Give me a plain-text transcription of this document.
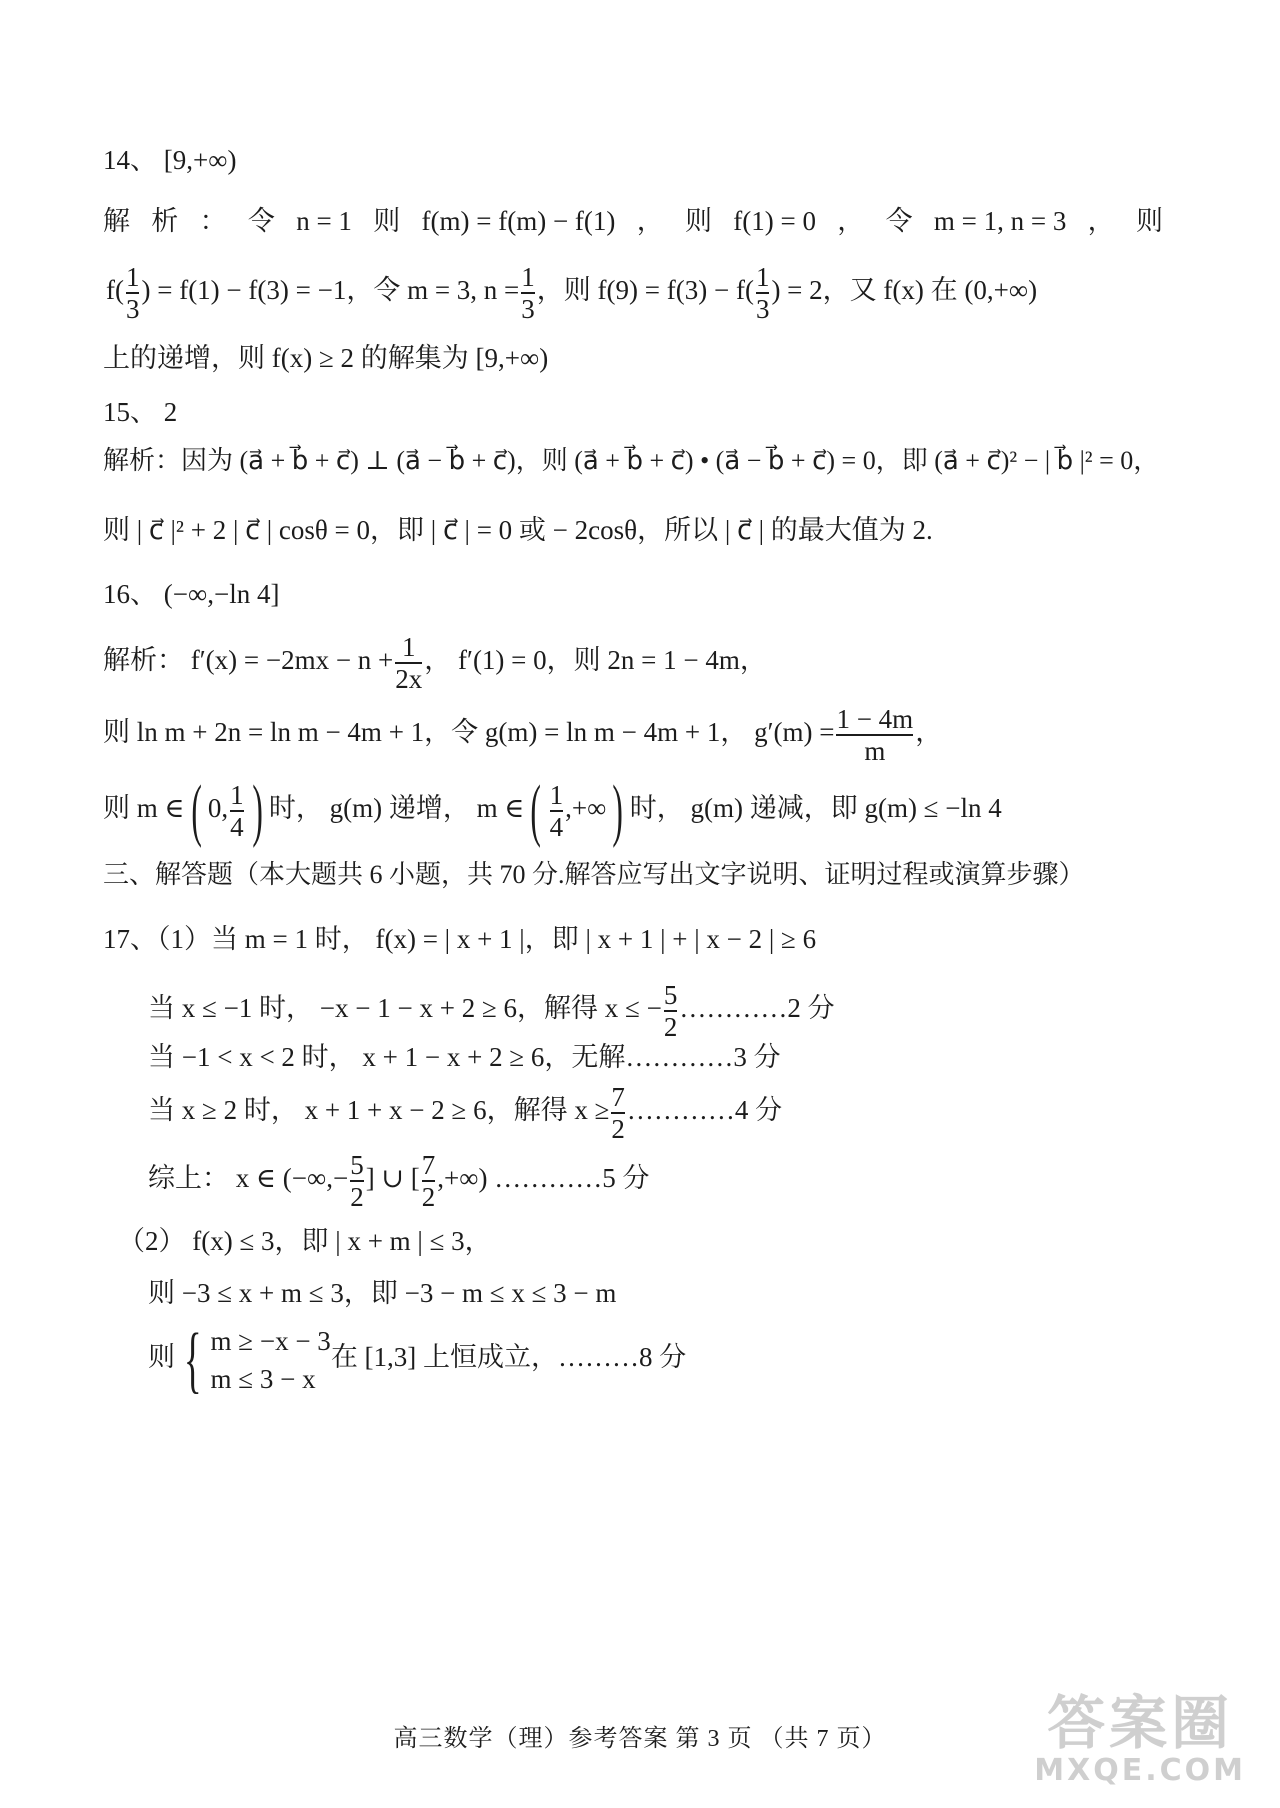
14、 [9,+∞)
解 析 ： 令 n = 1 则 f(m) = f(m) − f(1) ， 则 f(1) = 0 ， 令 m = 1, n = 3 ， 则
$f( \frac{1}{3}$ ) = f(1) − f(3) = −1，令 m = 3, $n = \frac{1}{3}$ ，则 $f(9) = f(3) - f( \frac{1}{3}$ ) = 2，又 f(x) 在 (0,+∞)
上的递增，则 f(x) ≥ 2 的解集为 [9,+∞)
15、 2
解析：因为 (a⃗ + b⃗ + c⃗) ⊥ (a⃗ − b⃗ + c⃗)，则 (a⃗ + b⃗ + c⃗) • (a⃗ − b⃗ + c⃗) = 0，即 (a⃗ + c⃗)² − | b⃗ |² = 0，
则 | c⃗ |² + 2 | c⃗ | cosθ = 0，即 | c⃗ | = 0 或 − 2cosθ，所以 | c⃗ | 的最大值为 2.
16、 (−∞,−ln 4]
解析： $f'(x) = -2mx - n + \frac{1}{2x}$ ， f′(1) = 0，则 2n = 1 − 4m，
则 ln m + 2n = ln m − 4m + 1，令 g(m) = ln m − 4m + 1， $g'(m) = \frac{1 - 4m}{m}$ ，
则 m ∈( 0, $\frac{1}{4}$ ) 时， g(m) 递增， m ∈( $\frac{1}{4}$ ,+∞) 时， g(m) 递减，即 g(m) ≤ −ln 4
三、解答题（本大题共 6 小题，共 70 分.解答应写出文字说明、证明过程或演算步骤）
17、（1）当 m = 1 时， f(x) = | x + 1 |，即 | x + 1 | + | x − 2 | ≥ 6
当 x ≤ −1 时， −x − 1 − x + 2 ≥ 6，解得 x ≤ − $\frac{5}{2}$ …………2 分
当 −1 < x < 2 时， x + 1 − x + 2 ≥ 6，无解…………3 分
当 x ≥ 2 时， x + 1 + x − 2 ≥ 6，解得 $x \ge \frac{7}{2}$ …………4 分
综上： x ∈ (−∞,− $\frac{5}{2}$ ] ∪ [ $\frac{7}{2}$ ,+∞) …………5 分
（2） f(x) ≤ 3，即 | x + m | ≤ 3，
则 −3 ≤ x + m ≤ 3，即 −3 − m ≤ x ≤ 3 − m
则 { m ≥ −x − 3
m ≤ 3 − x
在 [1,3] 上恒成立，………8 分
高三数学（理）参考答案 第 3 页 （共 7 页）	答案圈
MXQE.COM
